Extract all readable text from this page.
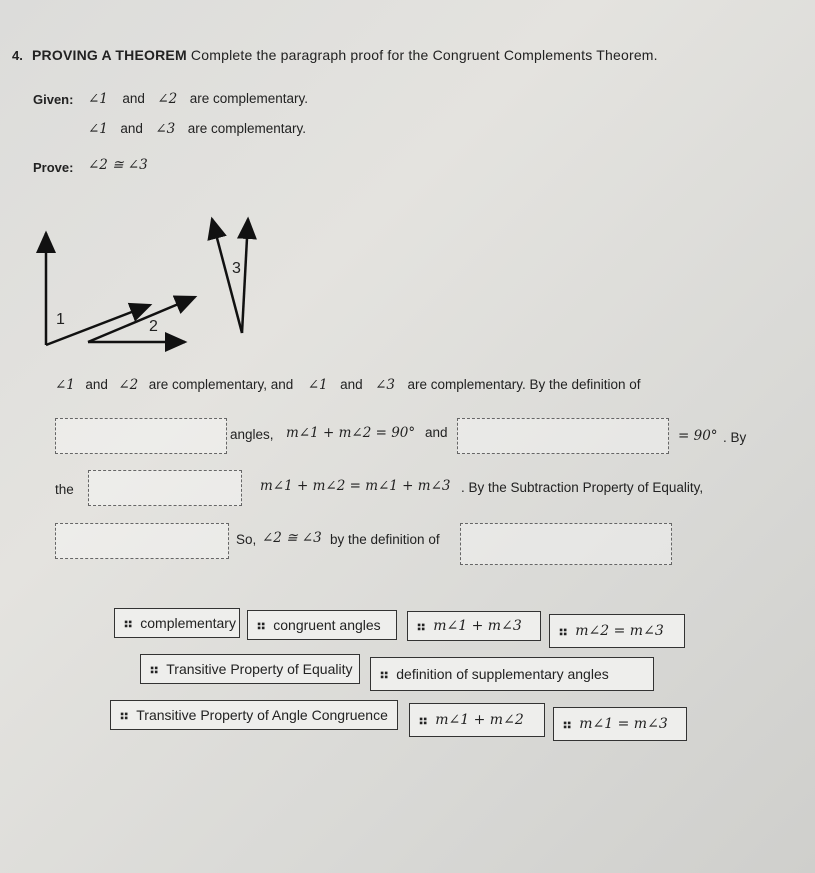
4. PROVING A THEOREM Complete the paragraph proof for the Congruent Complements Theorem.
Given: ∠1 and ∠2 are complementary.
∠1 and ∠3 are complementary.
Prove: ∠2 ≅ ∠3
1	2
3
∠1 and ∠2 are complementary, and ∠1 and ∠3 are complementary. By the definition of
angles, m∠1 + m∠2 = 90° and	= 90° . By
the	m∠1 + m∠2 = m∠1 + m∠3 . By the Subtraction Property of Equality,
So, ∠2 ≅ ∠3 by the definition of
⠶ complementary ⠶ congruent angles	⠶ m∠1 + m∠3	⠶ m∠2 = m∠3
⠶ Transitive Property of Equality ⠶ definition of supplementary angles
⠶ Transitive Property of Angle Congruence ⠶ m∠1 + m∠2	⠶ m∠1 = m∠3
